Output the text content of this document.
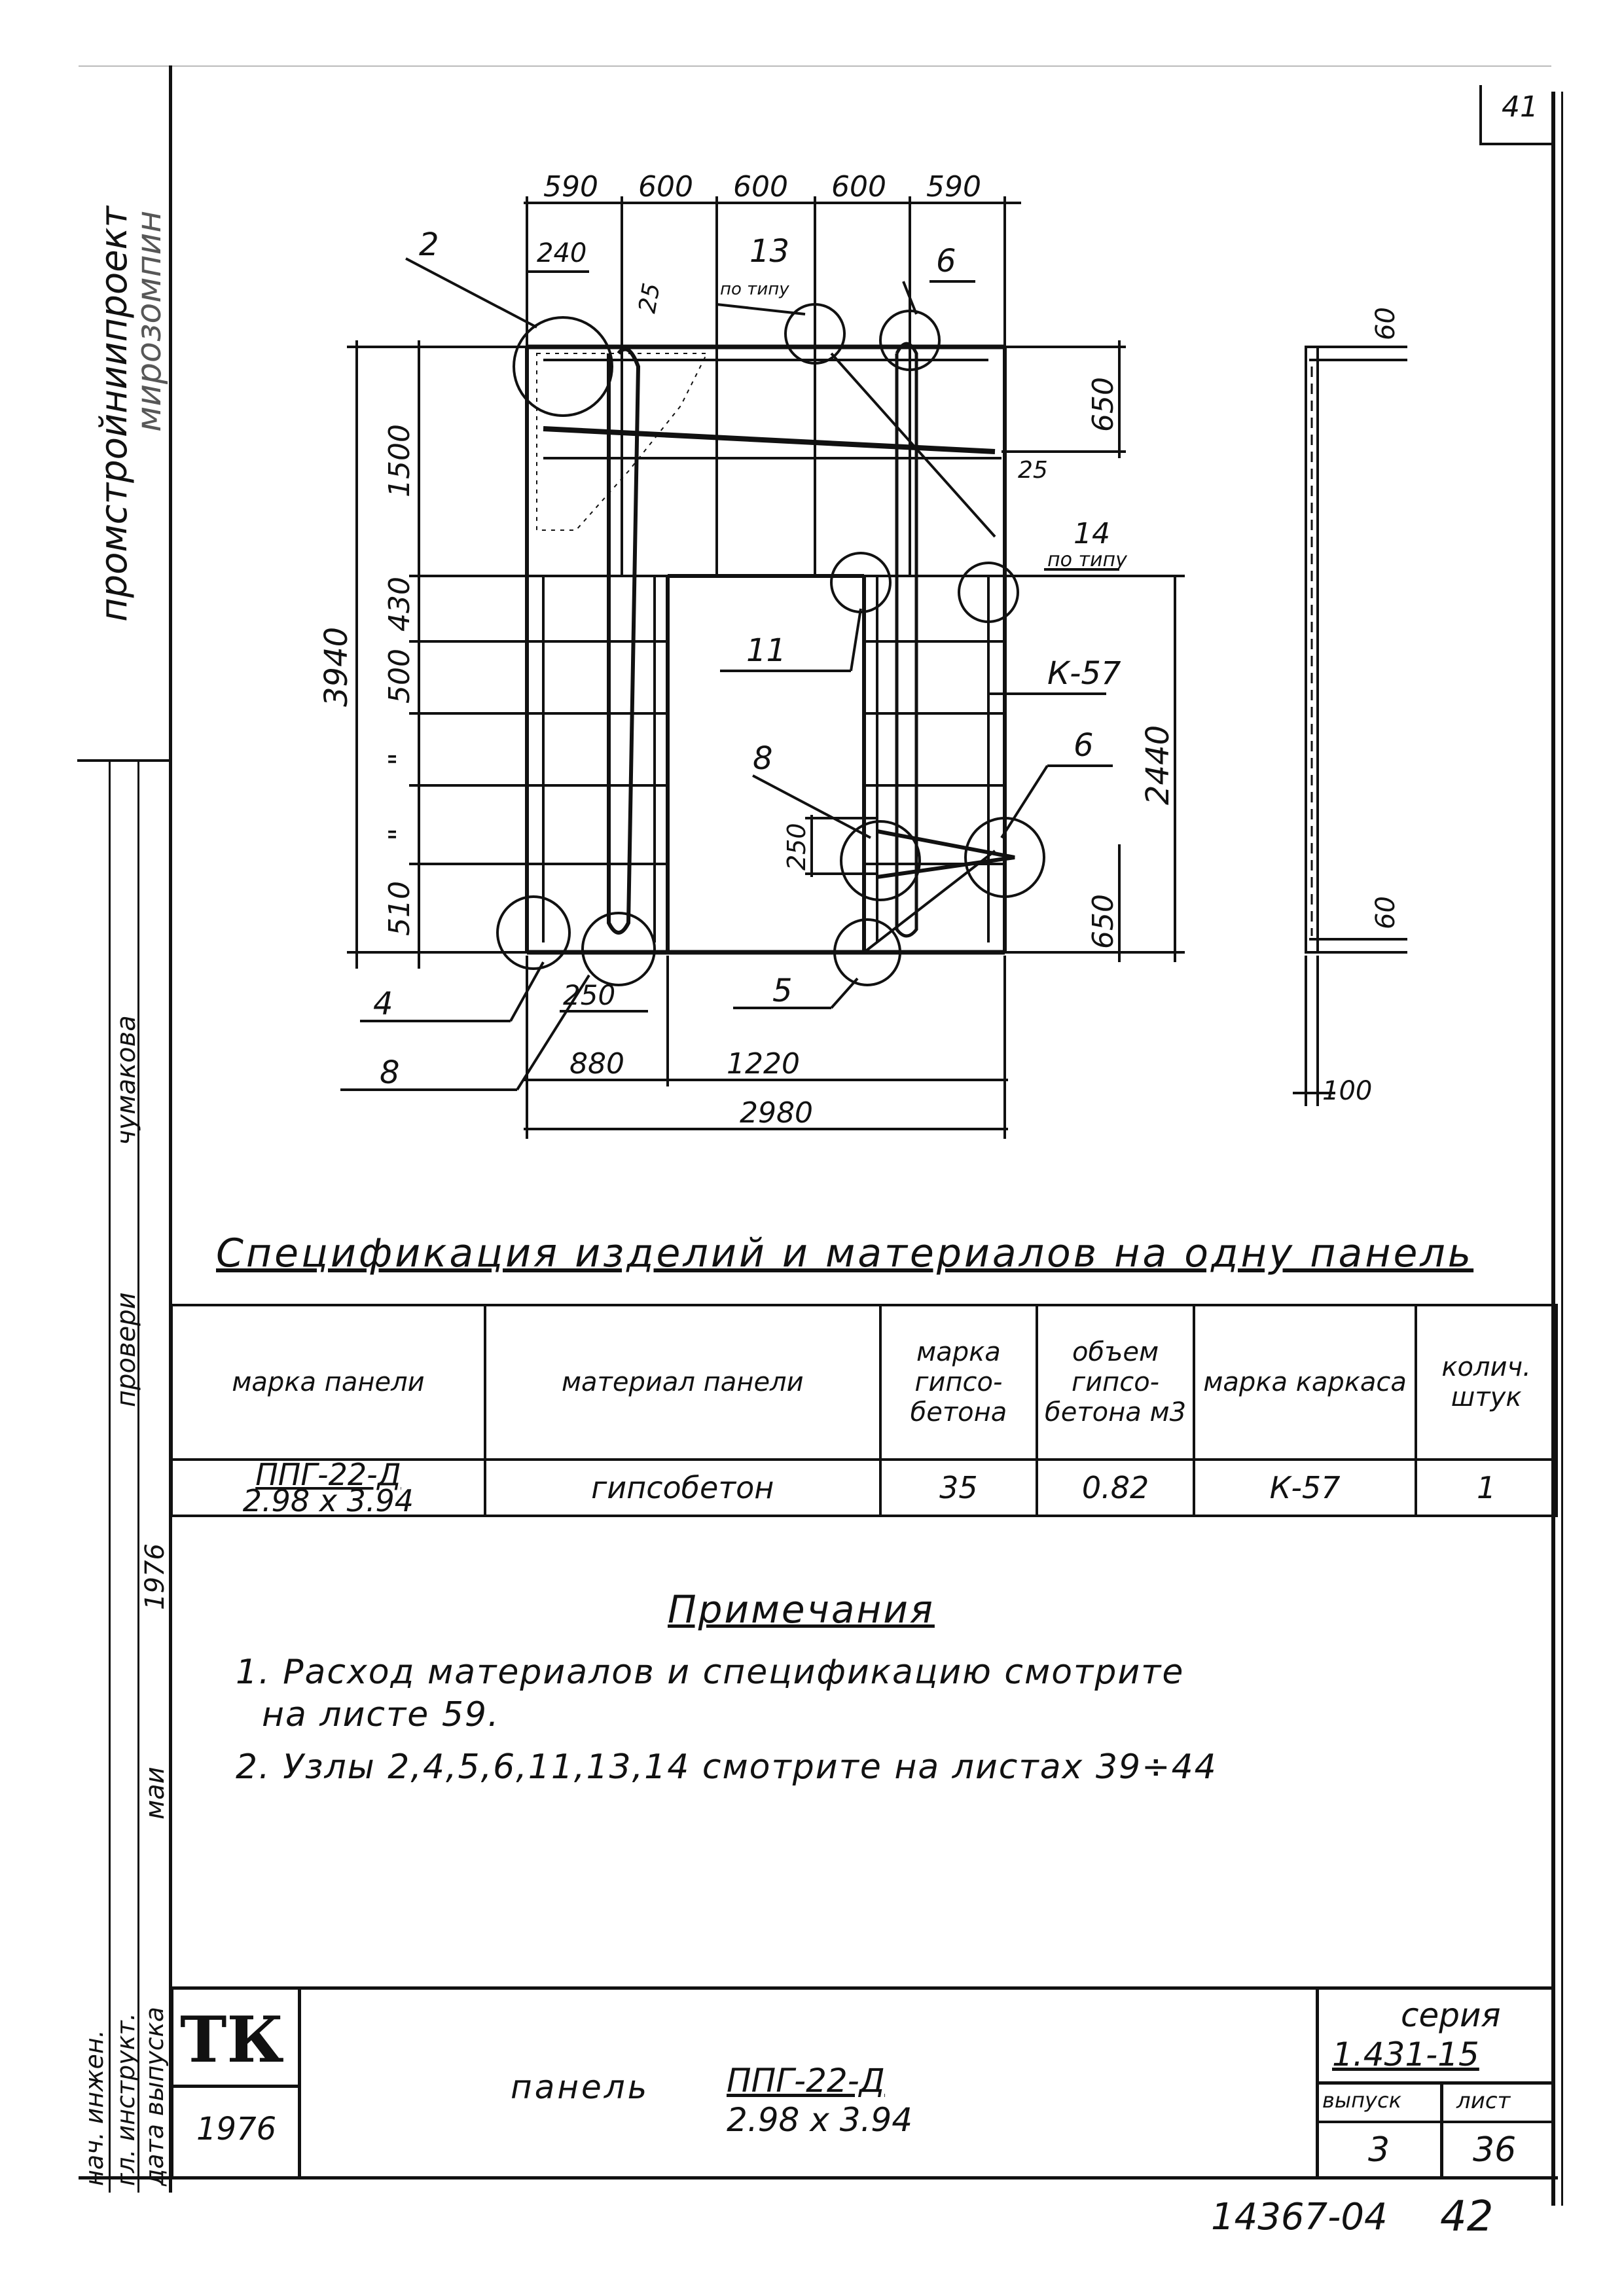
41
промстройниипроект
мирозомпин
нач. инжен. гл. инструкт. дата выпуска
чумакова
провери
маи
1976
590 600 600 600 590
240
25
25
1500
430
500
"
"
510
3940
650
2440
650
250
250
880	1220
2980
2	13
по типу
6
14
по типу
11
К-57
8	6
4
8
5
60
60
100
Спецификация изделий и материалов на одну панель
марка панели	материал панели	марка гипсо-бетона	объем гипсо-бетона м3	марка каркаса	колич. штук

ППГ-22-Д
2.98 х 3.94	гипсобетон	35	0.82	К-57	1
Примечания
1. Расход материалов и спецификацию смотрите
на листе 59.
2. Узлы 2,4,5,6,11,13,14 смотрите на листах 39÷44
ТК
1976
панель ППГ-22-Д
2.98 х 3.94
серия
1.431-15
выпуск лист
3 36
14367-04 42
